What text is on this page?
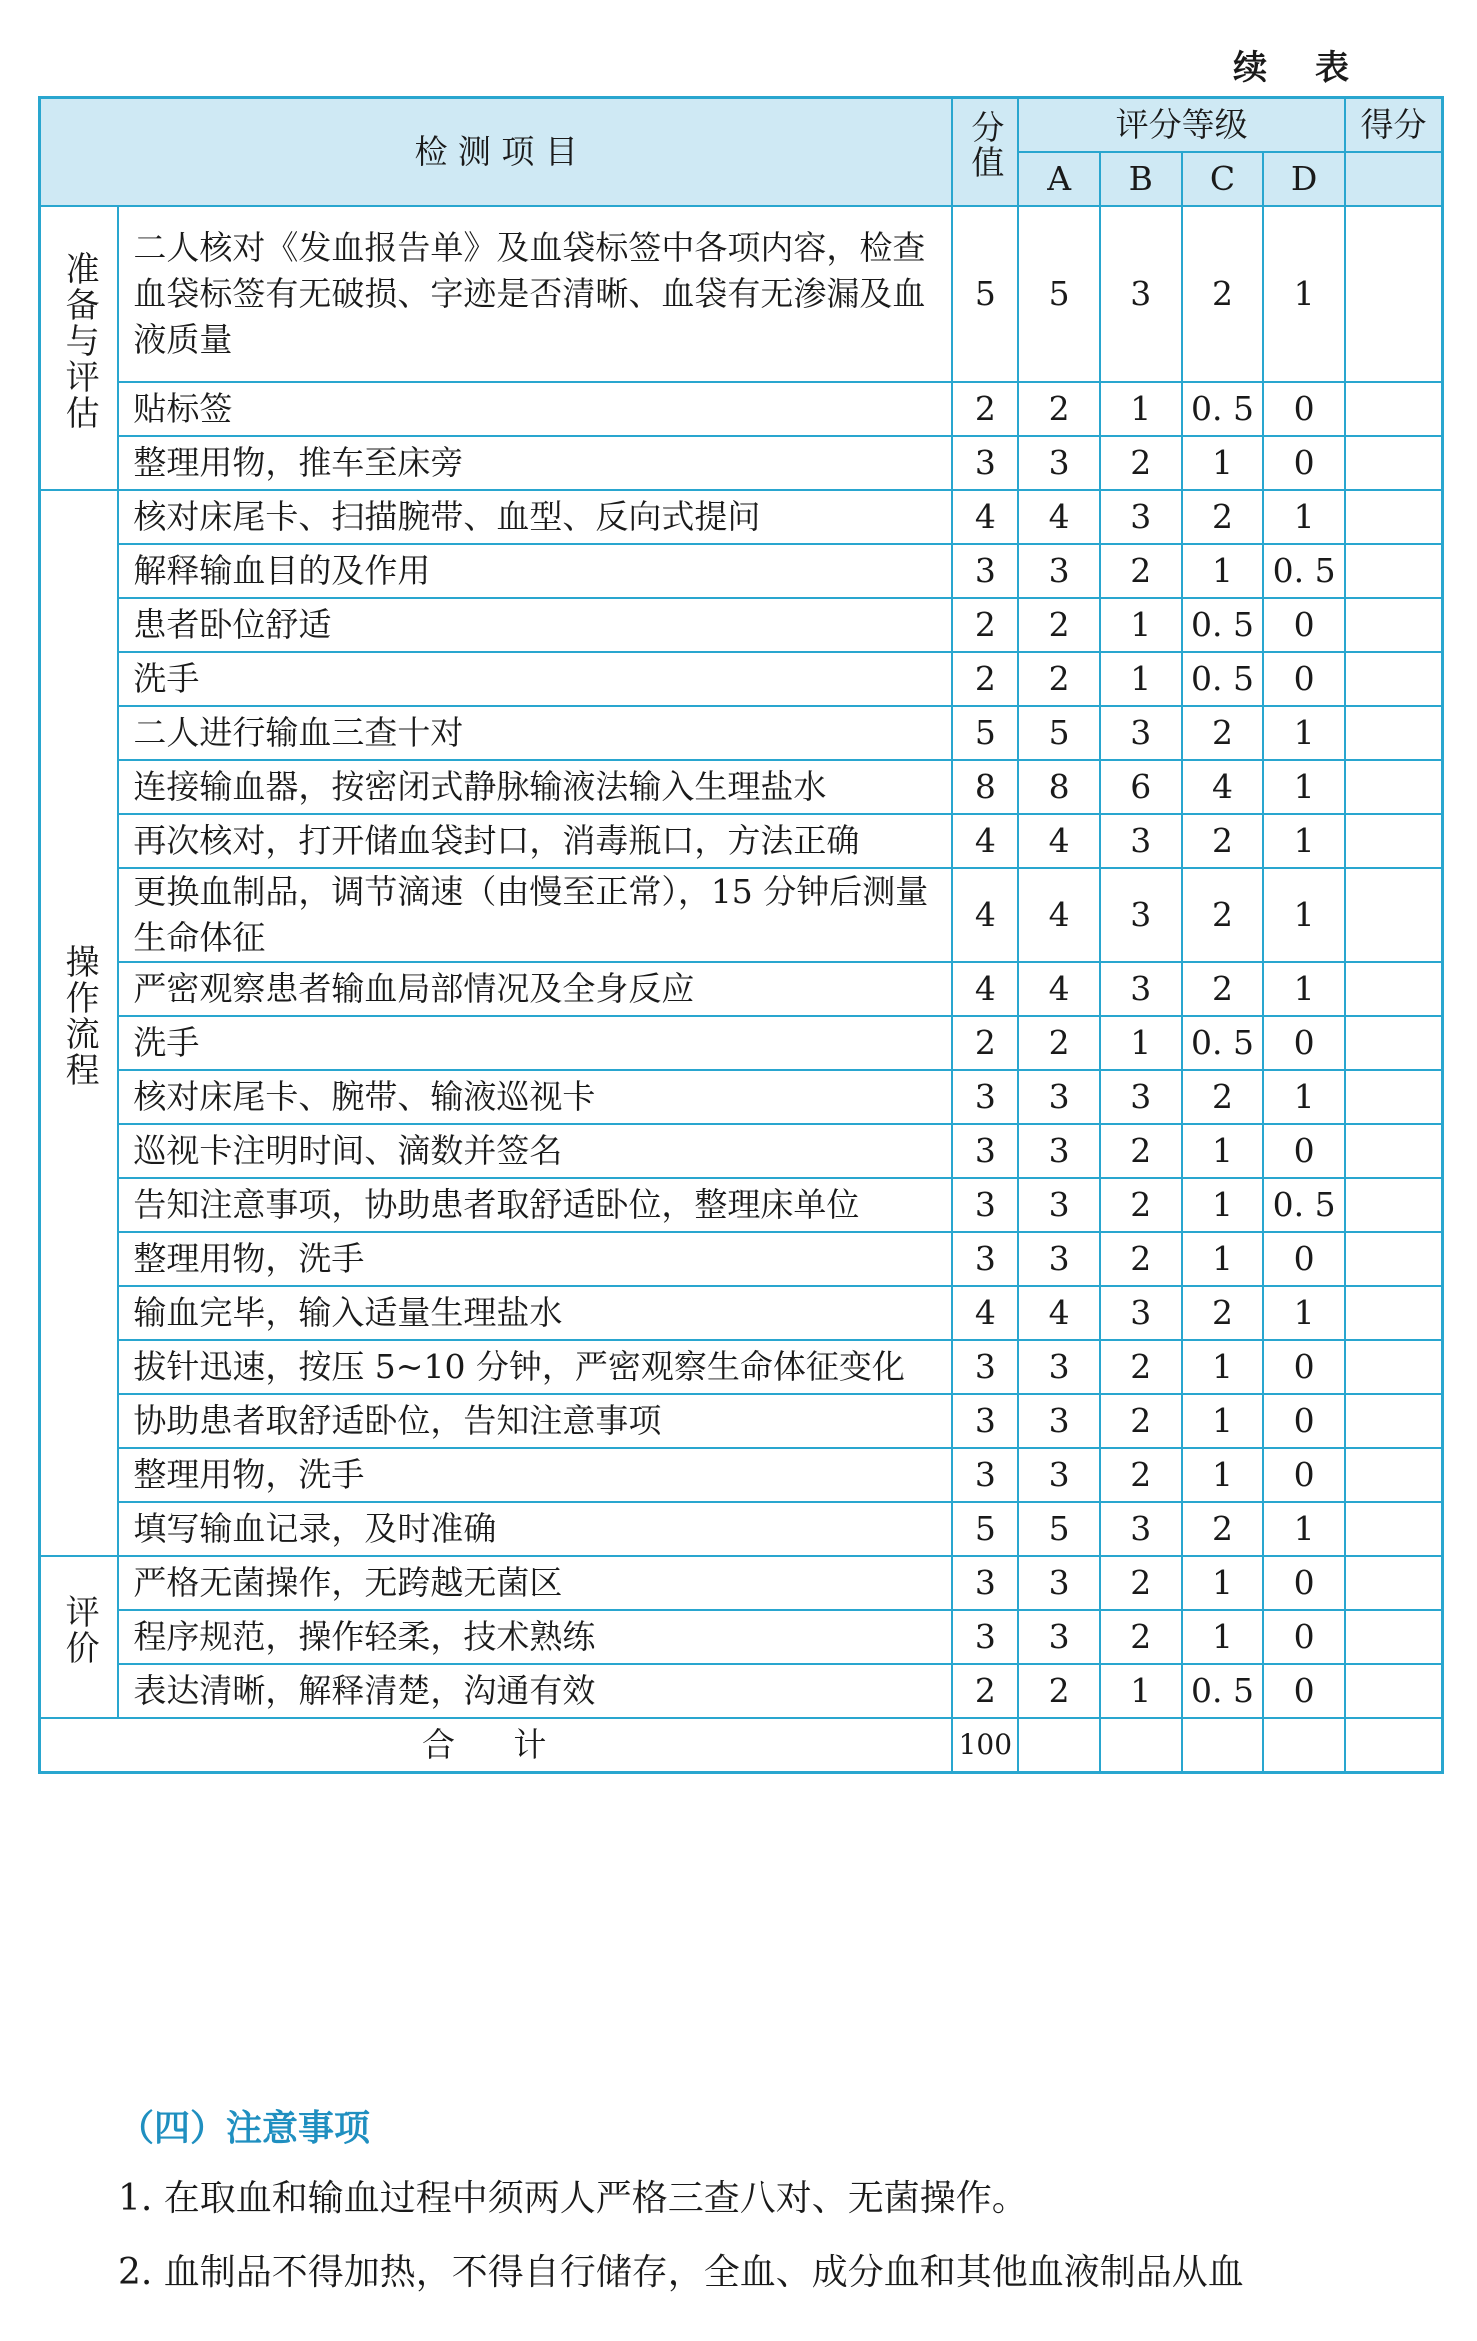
续 表
检 测 项 目		分值	评分等级				得分
			A	B	C	D	
准备与评估	二人核对《发血报告单》及血袋标签中各项内容，检查血袋标签有无破损、字迹是否清晰、血袋有无渗漏及血液质量	5	5	3	2	1	
	贴标签	2	2	1	0. 5	0	
	整理用物，推车至床旁	3	3	2	1	0	
操作流程	核对床尾卡、扫描腕带、血型、反向式提问	4	4	3	2	1	
	解释输血目的及作用	3	3	2	1	0. 5	
	患者卧位舒适	2	2	1	0. 5	0	
	洗手	2	2	1	0. 5	0	
	二人进行输血三查十对	5	5	3	2	1	
	连接输血器，按密闭式静脉输液法输入生理盐水	8	8	6	4	1	
	再次核对，打开储血袋封口，消毒瓶口，方法正确	4	4	3	2	1	
	更换血制品，调节滴速（由慢至正常），15 分钟后测量生命体征	4	4	3	2	1	
	严密观察患者输血局部情况及全身反应	4	4	3	2	1	
	洗手	2	2	1	0. 5	0	
	核对床尾卡、腕带、输液巡视卡	3	3	3	2	1	
	巡视卡注明时间、滴数并签名	3	3	2	1	0	
	告知注意事项，协助患者取舒适卧位，整理床单位	3	3	2	1	0. 5	
	整理用物，洗手	3	3	2	1	0	
	输血完毕，输入适量生理盐水	4	4	3	2	1	
	拔针迅速，按压 5~10 分钟，严密观察生命体征变化	3	3	2	1	0	
	协助患者取舒适卧位，告知注意事项	3	3	2	1	0	
	整理用物，洗手	3	3	2	1	0	
	填写输血记录，及时准确	5	5	3	2	1	
评价	严格无菌操作，无跨越无菌区	3	3	2	1	0	
	程序规范，操作轻柔，技术熟练	3	3	2	1	0	
	表达清晰，解释清楚，沟通有效	2	2	1	0. 5	0	
合 计		100					
（四）注意事项

1. 在取血和输血过程中须两人严格三查八对、无菌操作。

2. 血制品不得加热，不得自行储存，全血、成分血和其他血液制品从血
